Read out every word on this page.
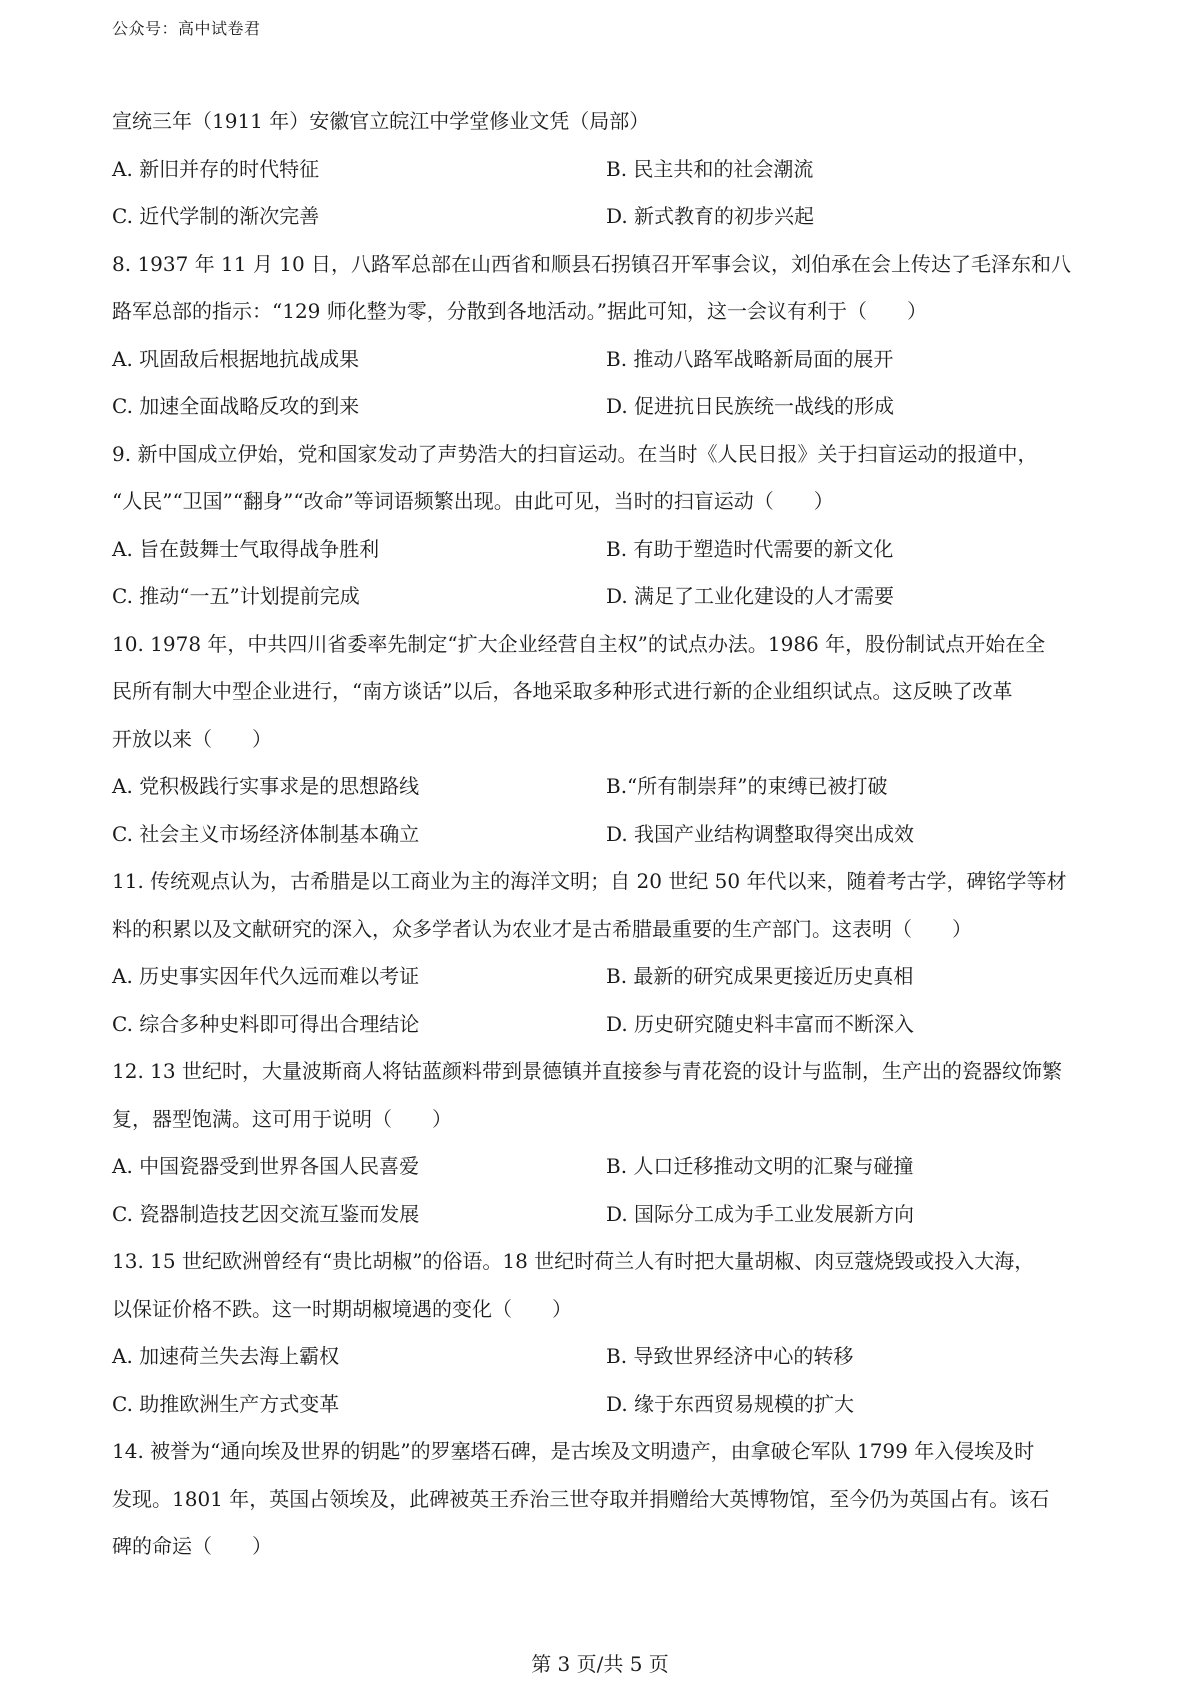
公众号：高中试卷君
宣统三年（1911 年）安徽官立皖江中学堂修业文凭（局部）
A. 新旧并存的时代特征	B. 民主共和的社会潮流
C. 近代学制的渐次完善	D. 新式教育的初步兴起
8. 1937 年 11 月 10 日，八路军总部在山西省和顺县石拐镇召开军事会议，刘伯承在会上传达了毛泽东和八
路军总部的指示：“129 师化整为零，分散到各地活动。”据此可知，这一会议有利于（　　）
A. 巩固敌后根据地抗战成果	B. 推动八路军战略新局面的展开
C. 加速全面战略反攻的到来	D. 促进抗日民族统一战线的形成
9. 新中国成立伊始，党和国家发动了声势浩大的扫盲运动。在当时《人民日报》关于扫盲运动的报道中，
“人民”“卫国”“翻身”“改命”等词语频繁出现。由此可见，当时的扫盲运动（　　）
A. 旨在鼓舞士气取得战争胜利	B. 有助于塑造时代需要的新文化
C. 推动“一五”计划提前完成	D. 满足了工业化建设的人才需要
10. 1978 年，中共四川省委率先制定“扩大企业经营自主权”的试点办法。1986 年，股份制试点开始在全
民所有制大中型企业进行，“南方谈话”以后，各地采取多种形式进行新的企业组织试点。这反映了改革
开放以来（　　）
A. 党积极践行实事求是的思想路线	B.“所有制崇拜”的束缚已被打破
C. 社会主义市场经济体制基本确立	D. 我国产业结构调整取得突出成效
11. 传统观点认为，古希腊是以工商业为主的海洋文明；自 20 世纪 50 年代以来，随着考古学，碑铭学等材
料的积累以及文献研究的深入，众多学者认为农业才是古希腊最重要的生产部门。这表明（　　）
A. 历史事实因年代久远而难以考证	B. 最新的研究成果更接近历史真相
C. 综合多种史料即可得出合理结论	D. 历史研究随史料丰富而不断深入
12. 13 世纪时，大量波斯商人将钴蓝颜料带到景德镇并直接参与青花瓷的设计与监制，生产出的瓷器纹饰繁
复，器型饱满。这可用于说明（　　）
A. 中国瓷器受到世界各国人民喜爱	B. 人口迁移推动文明的汇聚与碰撞
C. 瓷器制造技艺因交流互鉴而发展	D. 国际分工成为手工业发展新方向
13. 15 世纪欧洲曾经有“贵比胡椒”的俗语。18 世纪时荷兰人有时把大量胡椒、肉豆蔻烧毁或投入大海，
以保证价格不跌。这一时期胡椒境遇的变化（　　）
A. 加速荷兰失去海上霸权	B. 导致世界经济中心的转移
C. 助推欧洲生产方式变革	D. 缘于东西贸易规模的扩大
14. 被誉为“通向埃及世界的钥匙”的罗塞塔石碑，是古埃及文明遗产，由拿破仑军队 1799 年入侵埃及时
发现。1801 年，英国占领埃及，此碑被英王乔治三世夺取并捐赠给大英博物馆，至今仍为英国占有。该石
碑的命运（　　）
第 3 页/共 5 页
